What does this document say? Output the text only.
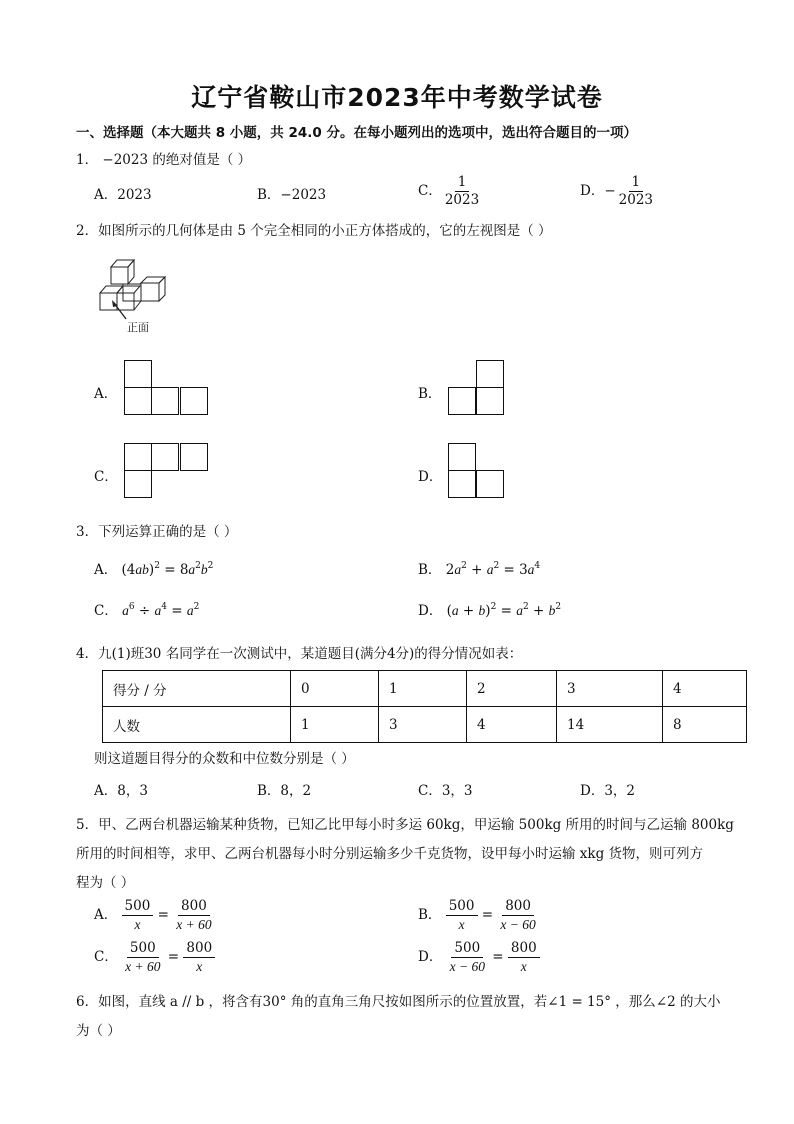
辽宁省鞍山市2023年中考数学试卷
一、选择题（本大题共 8 小题，共 24.0 分。在每小题列出的选项中，选出符合题目的一项）
1． −2023 的绝对值是（ ）
A．2023	B．−2023	C． $\frac{1}{2023}$	D．− $\frac{1}{2023}$
2．如图所示的几何体是由 5 个完全相同的小正方体搭成的，它的左视图是（ ）
正面
A．	B．
C．	D．
3．下列运算正确的是（ ）
A． $(4ab)^2 = 8a^2b^2$	B． $2a^2 + a^2 = 3a^4$
C． $a^6 \div a^4 = a^2$	D． $(a + b)^2 = a^2 + b^2$
4．九(1)班30 名同学在一次测试中，某道题目(满分4分)的得分情况如表：
得分 / 分	0	1	2	3	4
人数	1	3	4	14	8
则这道题目得分的众数和中位数分别是（ ）
A．8，3	B．8，2	C．3，3	D．3，2
5．甲、乙两台机器运输某种货物，已知乙比甲每小时多运 60kg，甲运输 500kg 所用的时间与乙运输 800kg
所用的时间相等，求甲、乙两台机器每小时分别运输多少千克货物，设甲每小时运输 xkg 货物，则可列方
程为（ ）
A． $\frac{500}{x} = \frac{800}{x + 60}$	B． $\frac{500}{x} = \frac{800}{x - 60}$
C． $\frac{500}{x + 60} = \frac{800}{x}$	D． $\frac{500}{x - 60} = \frac{800}{x}$
6．如图，直线 a // b ，将含有30° 角的直角三角尺按如图所示的位置放置，若∠1 = 15° ，那么∠2 的大小
为（ ）
